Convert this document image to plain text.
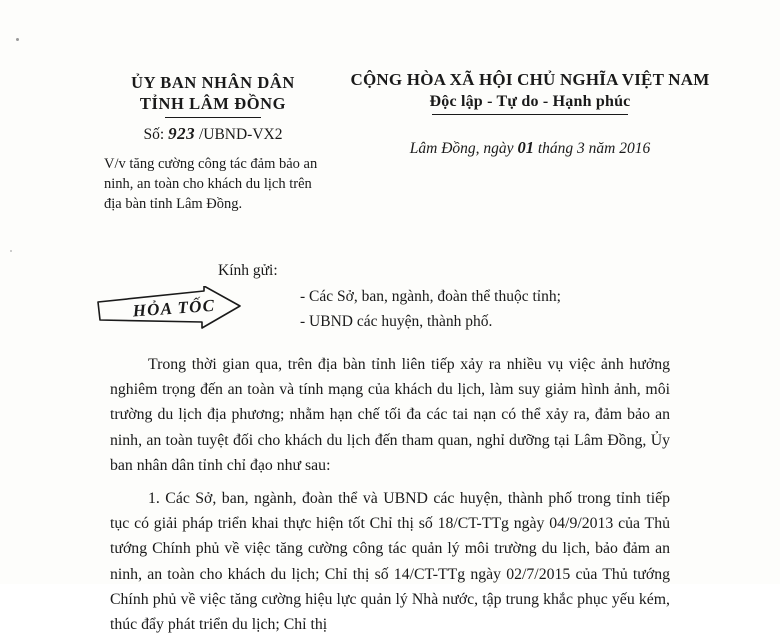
ỦY BAN NHÂN DÂN
TỈNH LÂM ĐỒNG
Số: 923 /UBND-VX2
V/v tăng cường công tác đảm bảo an ninh, an toàn cho khách du lịch trên địa bàn tỉnh Lâm Đồng.
CỘNG HÒA XÃ HỘI CHỦ NGHĨA VIỆT NAM
Độc lập - Tự do - Hạnh phúc
Lâm Đồng, ngày 01 tháng 3 năm 2016
Kính gửi:
- Các Sở, ban, ngành, đoàn thể thuộc tỉnh;
- UBND các huyện, thành phố.
HỎA TỐC

Trong thời gian qua, trên địa bàn tỉnh liên tiếp xảy ra nhiều vụ việc ảnh hưởng nghiêm trọng đến an toàn và tính mạng của khách du lịch, làm suy giảm hình ảnh, môi trường du lịch địa phương; nhằm hạn chế tối đa các tai nạn có thể xảy ra, đảm bảo an ninh, an toàn tuyệt đối cho khách du lịch đến tham quan, nghỉ dưỡng tại Lâm Đồng, Ủy ban nhân dân tỉnh chỉ đạo như sau:

1. Các Sở, ban, ngành, đoàn thể và UBND các huyện, thành phố trong tỉnh tiếp tục có giải pháp triển khai thực hiện tốt Chỉ thị số 18/CT-TTg ngày 04/9/2013 của Thủ tướng Chính phủ về việc tăng cường công tác quản lý môi trường du lịch, bảo đảm an ninh, an toàn cho khách du lịch; Chỉ thị số 14/CT-TTg ngày 02/7/2015 của Thủ tướng Chính phủ về việc tăng cường hiệu lực quản lý Nhà nước, tập trung khắc phục yếu kém, thúc đẩy phát triển du lịch; Chỉ thị
